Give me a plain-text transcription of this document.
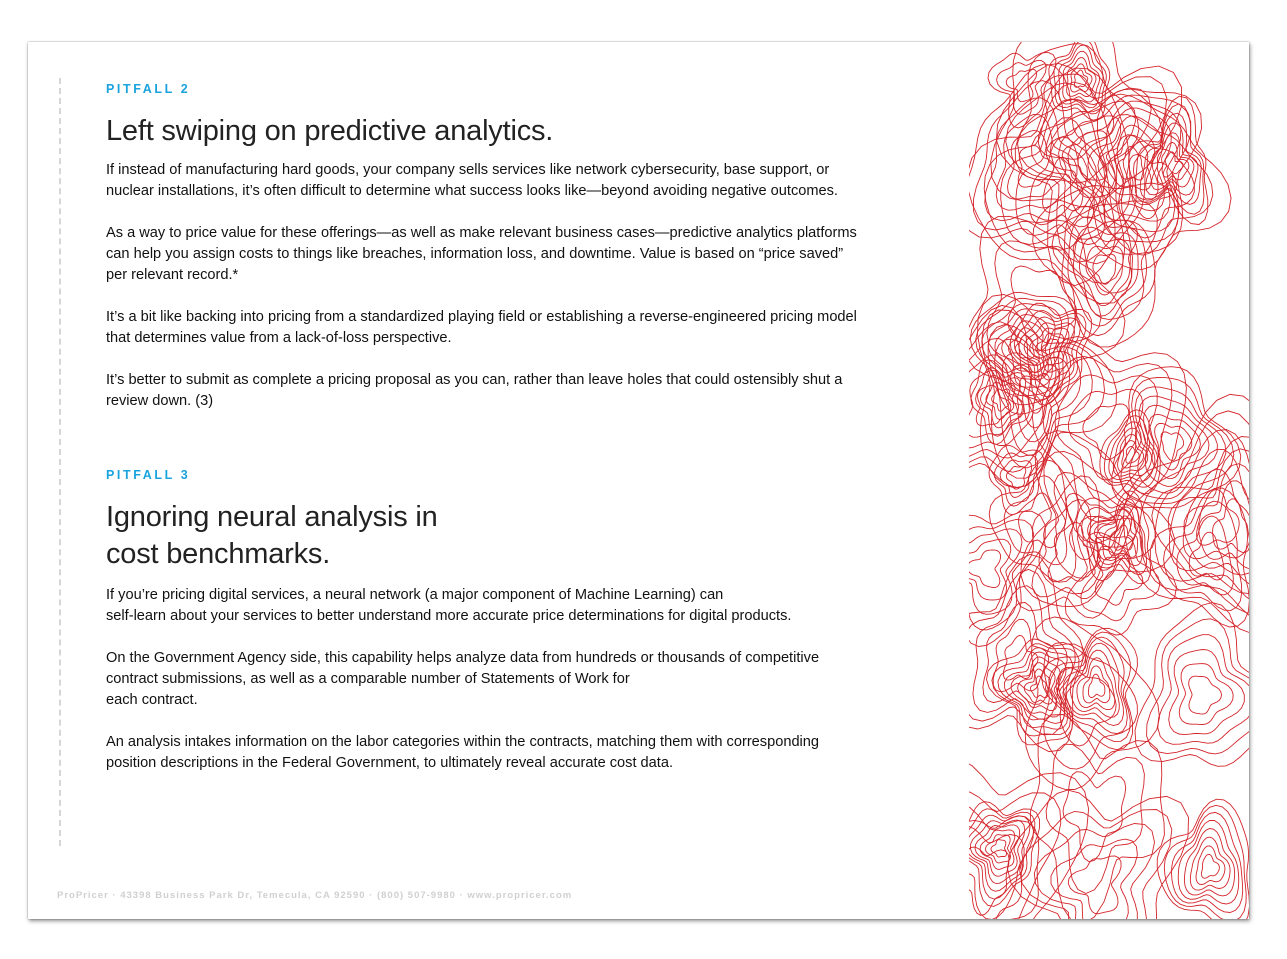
PITFALL 2
Left swiping on predictive analytics.

If instead of manufacturing hard goods, your company sells services like network cybersecurity, base support, or nuclear installations, it’s often difficult to determine what success looks like—beyond avoiding negative outcomes.

As a way to price value for these offerings—as well as make relevant business cases—predictive analytics platforms can help you assign costs to things like breaches, information loss, and downtime. Value is based on “price saved” per relevant record.*

It’s a bit like backing into pricing from a standardized playing field or establishing a reverse-engineered pricing model that determines value from a lack-of-loss perspective.

It’s better to submit as complete a pricing proposal as you can, rather than leave holes that could ostensibly shut a review down. (3)

PITFALL 3
Ignoring neural analysis in
cost benchmarks.

If you’re pricing digital services, a neural network (a major component of Machine Learning) can
self-learn about your services to better understand more accurate price determinations for digital products.

On the Government Agency side, this capability helps analyze data from hundreds or thousands of competitive contract submissions, as well as a comparable number of Statements of Work for
each contract.

An analysis intakes information on the labor categories within the contracts, matching them with corresponding position descriptions in the Federal Government, to ultimately reveal accurate cost data.

ProPricer · 43398 Business Park Dr, Temecula, CA 92590 · (800) 507-9980 · www.propricer.com
